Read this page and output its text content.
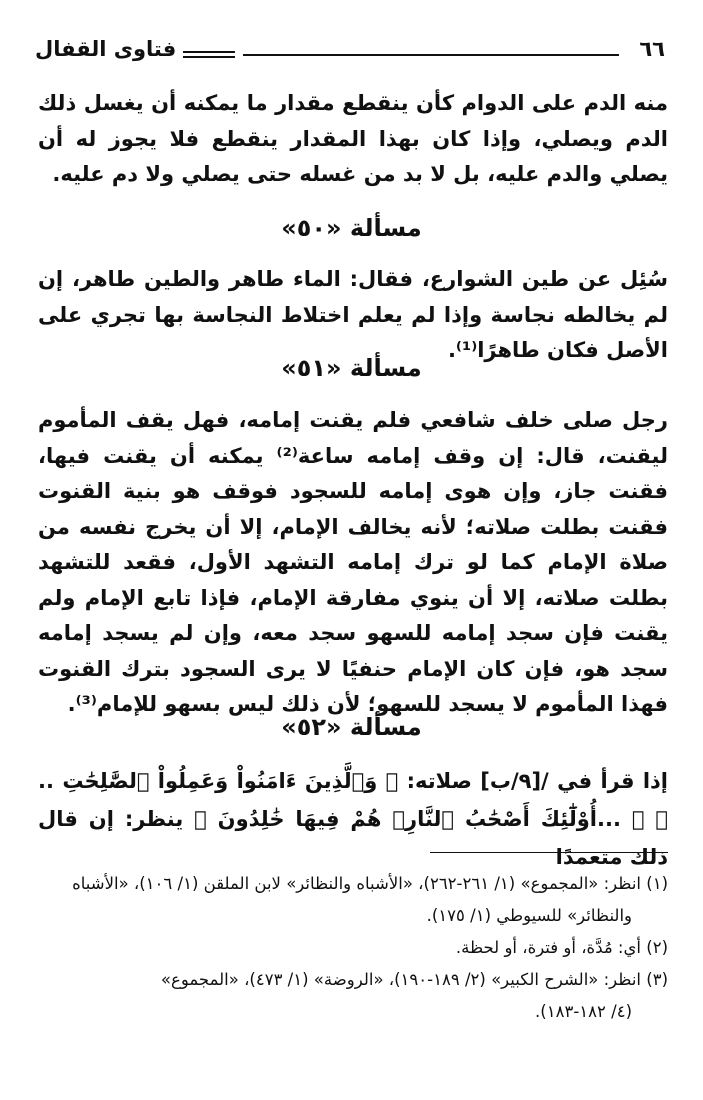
٦٦
فتاوى القفال
منه الدم على الدوام كأن ينقطع مقدار ما يمكنه أن يغسل ذلك الدم ويصلي، وإذا كان بهذا المقدار ينقطع فلا يجوز له أن يصلي والدم عليه، بل لا بد من غسله حتى يصلي ولا دم عليه.
مسألة «٥٠»
سُئِل عن طين الشوارع، فقال: الماء طاهر والطين طاهر، إن لم يخالطه نجاسة وإذا لم يعلم اختلاط النجاسة بها تجري على الأصل فكان طاهرًا⁽¹⁾.
مسألة «٥١»
رجل صلى خلف شافعي فلم يقنت إمامه، فهل يقف المأموم ليقنت، قال: إن وقف إمامه ساعة⁽²⁾ يمكنه أن يقنت فيها، فقنت جاز، وإن هوى إمامه للسجود فوقف هو بنية القنوت فقنت بطلت صلاته؛ لأنه يخالف الإمام، إلا أن يخرج نفسه من صلاة الإمام كما لو ترك إمامه التشهد الأول، فقعد للتشهد بطلت صلاته، إلا أن ينوي مفارقة الإمام، فإذا تابع الإمام ولم يقنت فإن سجد إمامه للسهو سجد معه، وإن لم يسجد إمامه سجد هو، فإن كان الإمام حنفيًا لا يرى السجود بترك القنوت فهذا المأموم لا يسجد للسهو؛ لأن ذلك ليس بسهو للإمام⁽³⁾.
مسألة «٥٢»
إذا قرأ في /[٩/ب] صلاته: ﴿ وَٱلَّذِينَ ءَامَنُواْ وَعَمِلُواْ ٱلصَّٰلِحَٰتِ .. ﴾ ﴿ ...أُوْلَٰٓئِكَ أَصْحَٰبُ ٱلنَّارِۖ هُمْ فِيهَا خَٰلِدُونَ ﴾ ينظر: إن قال ذلك متعمدًا

(١) انظر: «المجموع» (١/ ٢٦١-٢٦٢)، «الأشباه والنظائر» لابن الملقن (١/ ١٠٦)، «الأشباه
والنظائر» للسيوطي (١/ ١٧٥).

(٢) أي: مُدَّة، أو فترة، أو لحظة.

(٣) انظر: «الشرح الكبير» (٢/ ١٨٩-١٩٠)، «الروضة» (١/ ٤٧٣)، «المجموع»
(٤/ ١٨٢-١٨٣).
